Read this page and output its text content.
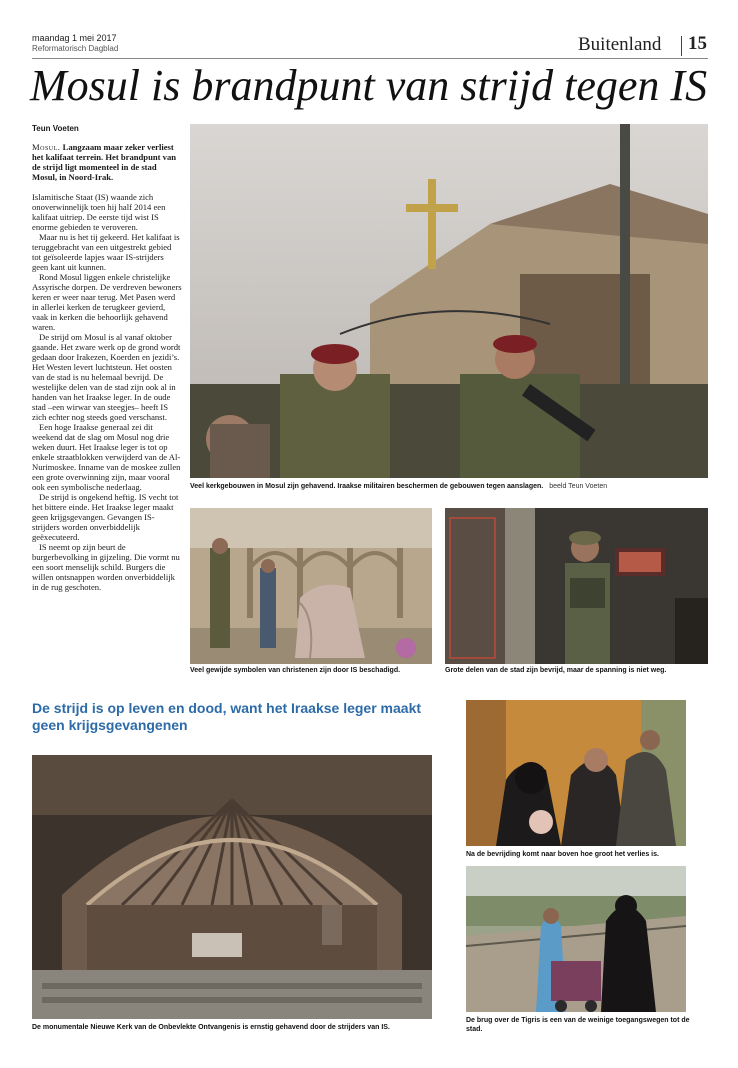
maandag 1 mei 2017
Reformatorisch Dagblad	Buitenland 15
Mosul is brandpunt van strijd tegen IS
Teun Voeten

Mosul. Langzaam maar zeker verliest het kalifaat terrein. Het brandpunt van de strijd ligt momenteel in de stad Mosul, in Noord-Irak.

Islamitische Staat (IS) waande zich onoverwinnelijk toen hij half 2014 een kalifaat uitriep. De eerste tijd wist IS enorme gebieden te veroveren.

Maar nu is het tij gekeerd. Het kalifaat is teruggebracht van een uitgestrekt gebied tot geïsoleerde lapjes waar IS-strijders geen kant uit kunnen.

Rond Mosul liggen enkele christelijke Assyrische dorpen. De verdreven bewoners keren er weer naar terug. Met Pasen werd in allerlei kerken de terugkeer gevierd, vaak in kerken die behoorlijk gehavend waren.

De strijd om Mosul is al vanaf oktober gaande. Het zware werk op de grond wordt gedaan door Irakezen, Koerden en jezidi’s. Het Westen levert luchtsteun. Het oosten van de stad is nu helemaal bevrijd. De westelijke delen van de stad zijn ook al in handen van het Iraakse leger. In de oude stad –een wirwar van steegjes– heeft IS zich echter nog steeds goed verschanst.

Een hoge Iraakse generaal zei dit weekend dat de slag om Mosul nog drie weken duurt. Het Iraakse leger is tot op enkele straatblokken verwijderd van de Al-Nurimoskee. Inname van de moskee zullen een grote overwinning zijn, maar vooral ook een symbolische nederlaag.

De strijd is ongekend heftig. IS vecht tot het bittere einde. Het Iraakse leger maakt geen krijgsgevangen. Gevangen IS-strijders worden onverbiddelijk geëxecuteerd.

IS neemt op zijn beurt de burgerbevolking in gijzeling. Die vormt nu een soort menselijk schild. Burgers die willen ontsnappen worden onverbiddelijk in de rug geschoten.

Veel kerkgebouwen in Mosul zijn gehavend. Iraakse militairen beschermen de gebouwen tegen aanslagen. beeld Teun Voeten
Veel gewijde symbolen van christenen zijn door IS beschadigd.	Grote delen van de stad zijn bevrijd, maar de spanning is niet weg.
De strijd is op leven en dood, want het Iraakse leger maakt geen krijgsgevangenen
De monumentale Nieuwe Kerk van de Onbevlekte Ontvangenis is ernstig gehavend door de strijders van IS.
Na de bevrijding komt naar boven hoe groot het verlies is.
De brug over de Tigris is een van de weinige toegangswegen tot de stad.
